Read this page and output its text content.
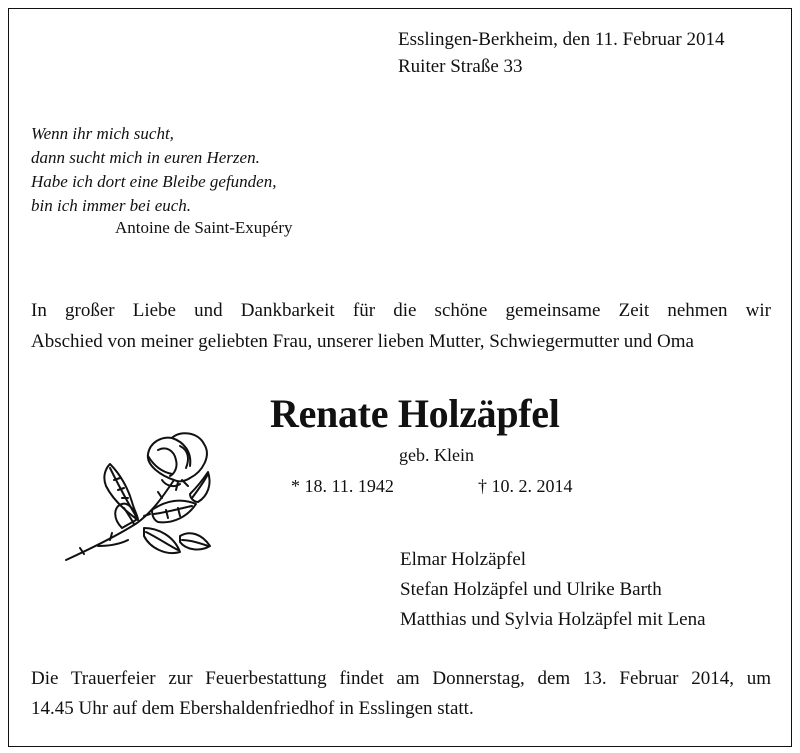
Esslingen-Berkheim, den 11. Februar 2014
Ruiter Straße 33
Wenn ihr mich sucht,
dann sucht mich in euren Herzen.
Habe ich dort eine Bleibe gefunden,
bin ich immer bei euch.
Antoine de Saint-Exupéry
In großer Liebe und Dankbarkeit für die schöne gemeinsame Zeit nehmen wir
Abschied von meiner geliebten Frau, unserer lieben Mutter, Schwiegermutter und Oma
Renate Holzäpfel
geb. Klein
* 18. 11. 1942	† 10. 2. 2014
Elmar Holzäpfel
Stefan Holzäpfel und Ulrike Barth
Matthias und Sylvia Holzäpfel mit Lena
Die Trauerfeier zur Feuerbestattung findet am Donnerstag, dem 13. Februar 2014, um
14.45 Uhr auf dem Ebershaldenfriedhof in Esslingen statt.
